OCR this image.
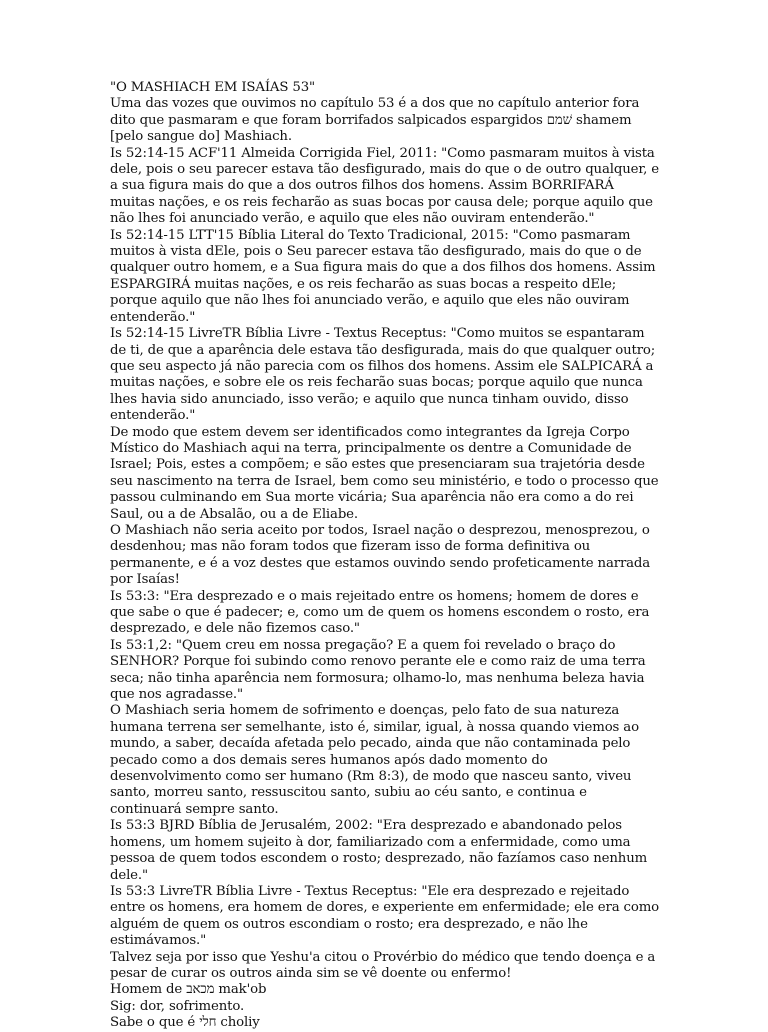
"O MASHIACH EM ISAÍAS 53"

Uma das vozes que ouvimos no capítulo 53 é a dos que no capítulo anterior fora dito que pasmaram e que foram borrifados salpicados espargidos שׁמם shamem [pelo sangue do] Mashiach.

Is 52:14-15 ACF'11 Almeida Corrigida Fiel, 2011: "Como pasmaram muitos à vista dele, pois o seu parecer estava tão desfigurado, mais do que o de outro qualquer, e a sua figura mais do que a dos outros filhos dos homens. Assim BORRIFARÁ muitas nações, e os reis fecharão as suas bocas por causa dele; porque aquilo que não lhes foi anunciado verão, e aquilo que eles não ouviram entenderão."

Is 52:14-15 LTT'15 Bíblia Literal do Texto Tradicional, 2015: "Como pasmaram muitos à vista dEle, pois o Seu parecer estava tão desfigurado, mais do que o de qualquer outro homem, e a Sua figura mais do que a dos filhos dos homens. Assim ESPARGIRÁ muitas nações, e os reis fecharão as suas bocas a respeito dEle; porque aquilo que não lhes foi anunciado verão, e aquilo que eles não ouviram entenderão."

Is 52:14-15 LivreTR Bíblia Livre - Textus Receptus: "Como muitos se espantaram de ti, de que a aparência dele estava tão desfigurada, mais do que qualquer outro; que seu aspecto já não parecia com os filhos dos homens. Assim ele SALPICARÁ a muitas nações, e sobre ele os reis fecharão suas bocas; porque aquilo que nunca lhes havia sido anunciado, isso verão; e aquilo que nunca tinham ouvido, disso entenderão."

De modo que estem devem ser identificados como integrantes da Igreja Corpo Místico do Mashiach aqui na terra, principalmente os dentre a Comunidade de Israel; Pois, estes a compõem; e são estes que presenciaram sua trajetória desde seu nascimento na terra de Israel, bem como seu ministério, e todo o processo que passou culminando em Sua morte vicária; Sua aparência não era como a do rei Saul, ou a de Absalão, ou a de Eliabe.

O Mashiach não seria aceito por todos, Israel nação o desprezou, menosprezou, o desdenhou; mas não foram todos que fizeram isso de forma definitiva ou permanente, e é a voz destes que estamos ouvindo sendo profeticamente narrada por Isaías!

Is 53:3: "Era desprezado e o mais rejeitado entre os homens; homem de dores e que sabe o que é padecer; e, como um de quem os homens escondem o rosto, era desprezado, e dele não fizemos caso."

Is 53:1,2: "Quem creu em nossa pregação? E a quem foi revelado o braço do SENHOR? Porque foi subindo como renovo perante ele e como raiz de uma terra seca; não tinha aparência nem formosura; olhamo-lo, mas nenhuma beleza havia que nos agradasse."

O Mashiach seria homem de sofrimento e doenças, pelo fato de sua natureza humana terrena ser semelhante, isto é, similar, igual, à nossa quando viemos ao mundo, a saber, decaída afetada pelo pecado, ainda que não contaminada pelo pecado como a dos demais seres humanos após dado momento do desenvolvimento como ser humano (Rm 8:3), de modo que nasceu santo, viveu santo, morreu santo, ressuscitou santo, subiu ao céu santo, e continua e continuará sempre santo.

Is 53:3 BJRD Bíblia de Jerusalém, 2002: "Era desprezado e abandonado pelos homens, um homem sujeito à dor, familiarizado com a enfermidade, como uma pessoa de quem todos escondem o rosto; desprezado, não fazíamos caso nenhum dele."

Is 53:3 LivreTR Bíblia Livre - Textus Receptus: "Ele era desprezado e rejeitado entre os homens, era homem de dores, e experiente em enfermidade; ele era como alguém de quem os outros escondiam o rosto; era desprezado, e não lhe estimávamos."

Talvez seja por isso que Yeshu'a citou o Provérbio do médico que tendo doença e a pesar de curar os outros ainda sim se vê doente ou enfermo!

Homem de מכאב mak'ob

Sig: dor, sofrimento.

Sabe o que é חלי choliy
